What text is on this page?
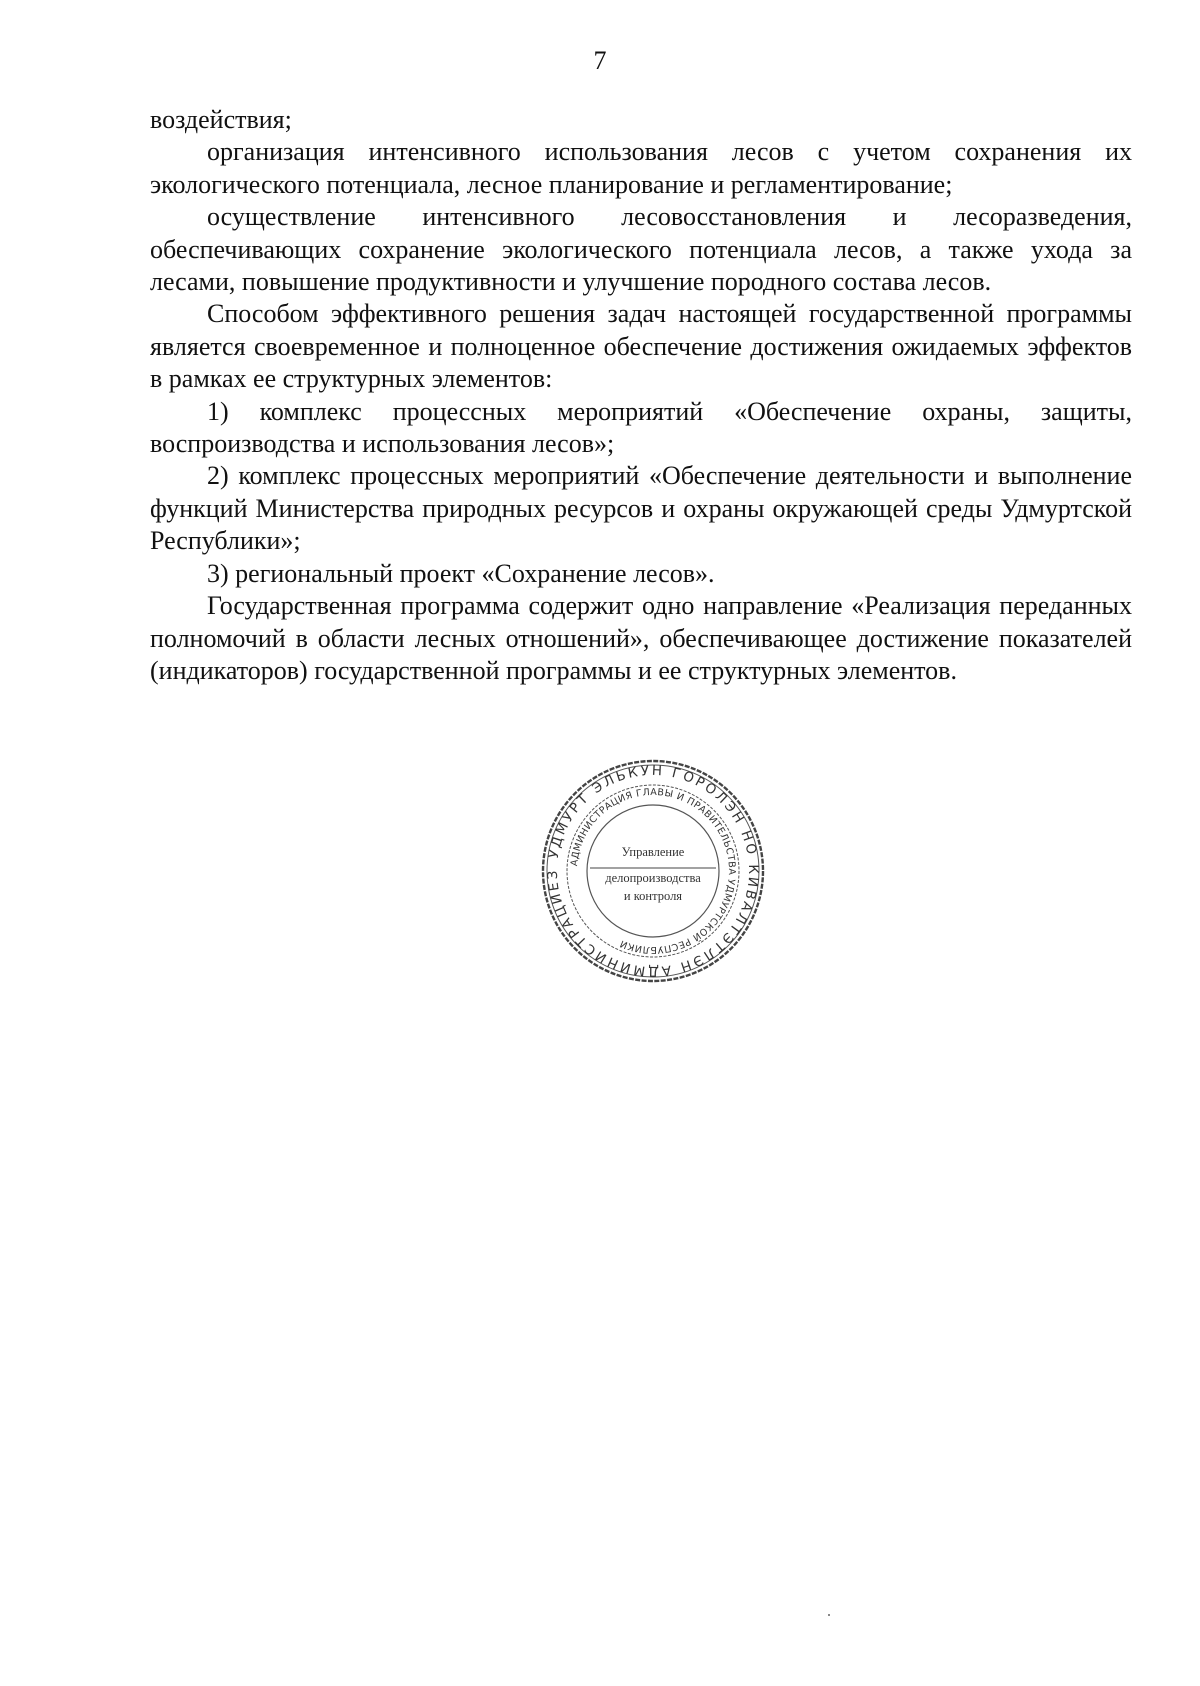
7

воздействия;

организация интенсивного использования лесов с учетом сохранения их экологического потенциала, лесное планирование и регламентирование;

осуществление интенсивного лесовосстановления и лесоразведения, обеспечивающих сохранение экологического потенциала лесов, а также ухода за лесами, повышение продуктивности и улучшение породного состава лесов.

Способом эффективного решения задач настоящей государственной программы является своевременное и полноценное обеспечение достижения ожидаемых эффектов в рамках ее структурных элементов:

1) комплекс процессных мероприятий «Обеспечение охраны, защиты, воспроизводства и использования лесов»;

2) комплекс процессных мероприятий «Обеспечение деятельности и выполнение функций Министерства природных ресурсов и охраны окружающей среды Удмуртской Республики»;

3) региональный проект «Сохранение лесов».

Государственная программа содержит одно направление «Реализация переданных полномочий в области лесных отношений», обеспечивающее достижение показателей (индикаторов) государственной программы и ее структурных элементов.

УДМУРТ ЭЛЬКУН ГОРОЛЭН НО КИВАЛТЭТЛЭН АДМИНИСТРАЦИЕЗ
АДМИНИСТРАЦИЯ ГЛАВЫ И ПРАВИТЕЛЬСТВА УДМУРТСКОЙ РЕСПУБЛИКИ
Управление
делопроизводства
и контроля
